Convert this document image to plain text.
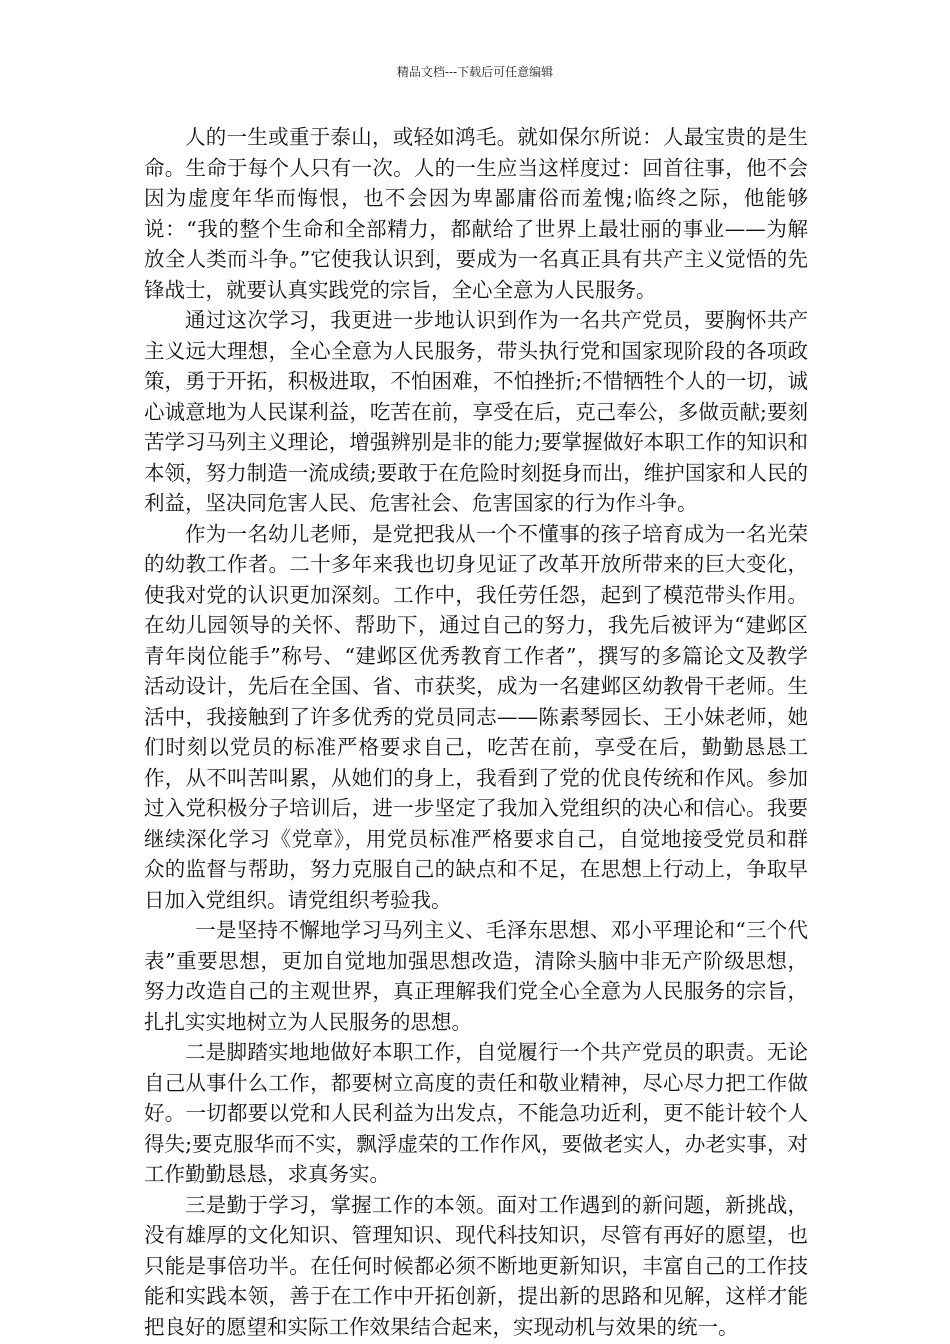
精品文档---下载后可任意编辑

人的一生或重于泰山，或轻如鸿毛。就如保尔所说：人最宝贵的是生命。生命于每个人只有一次。人的一生应当这样度过：回首往事，他不会因为虚度年华而悔恨，也不会因为卑鄙庸俗而羞愧;临终之际，他能够说：“我的整个生命和全部精力，都献给了世界上最壮丽的事业——为解放全人类而斗争。”它使我认识到，要成为一名真正具有共产主义觉悟的先锋战士，就要认真实践党的宗旨，全心全意为人民服务。

通过这次学习，我更进一步地认识到作为一名共产党员，要胸怀共产主义远大理想，全心全意为人民服务，带头执行党和国家现阶段的各项政策，勇于开拓，积极进取，不怕困难，不怕挫折;不惜牺牲个人的一切，诚心诚意地为人民谋利益，吃苦在前，享受在后，克己奉公，多做贡献;要刻苦学习马列主义理论，增强辨别是非的能力;要掌握做好本职工作的知识和本领，努力制造一流成绩;要敢于在危险时刻挺身而出，维护国家和人民的利益，坚决同危害人民、危害社会、危害国家的行为作斗争。

作为一名幼儿老师，是党把我从一个不懂事的孩子培育成为一名光荣的幼教工作者。二十多年来我也切身见证了改革开放所带来的巨大变化，使我对党的认识更加深刻。工作中，我任劳任怨，起到了模范带头作用。在幼儿园领导的关怀、帮助下，通过自己的努力，我先后被评为“建邺区青年岗位能手”称号、“建邺区优秀教育工作者”，撰写的多篇论文及教学活动设计，先后在全国、省、市获奖，成为一名建邺区幼教骨干老师。生活中，我接触到了许多优秀的党员同志——陈素琴园长、王小妹老师，她们时刻以党员的标准严格要求自己，吃苦在前，享受在后，勤勤恳恳工作，从不叫苦叫累，从她们的身上，我看到了党的优良传统和作风。参加过入党积极分子培训后，进一步坚定了我加入党组织的决心和信心。我要继续深化学习《党章》，用党员标准严格要求自己，自觉地接受党员和群众的监督与帮助，努力克服自己的缺点和不足，在思想上行动上，争取早日加入党组织。请党组织考验我。

一是坚持不懈地学习马列主义、毛泽东思想、邓小平理论和“三个代表”重要思想，更加自觉地加强思想改造，清除头脑中非无产阶级思想，努力改造自己的主观世界，真正理解我们党全心全意为人民服务的宗旨，扎扎实实地树立为人民服务的思想。

二是脚踏实地地做好本职工作，自觉履行一个共产党员的职责。无论自己从事什么工作，都要树立高度的责任和敬业精神，尽心尽力把工作做好。一切都要以党和人民利益为出发点，不能急功近利，更不能计较个人得失;要克服华而不实，飘浮虚荣的工作作风，要做老实人，办老实事，对工作勤勤恳恳，求真务实。

三是勤于学习，掌握工作的本领。面对工作遇到的新问题，新挑战，没有雄厚的文化知识、管理知识、现代科技知识，尽管有再好的愿望，也只能是事倍功半。在任何时候都必须不断地更新知识，丰富自己的工作技能和实践本领，善于在工作中开拓创新，提出新的思路和见解，这样才能把良好的愿望和实际工作效果结合起来，实现动机与效果的统一。
